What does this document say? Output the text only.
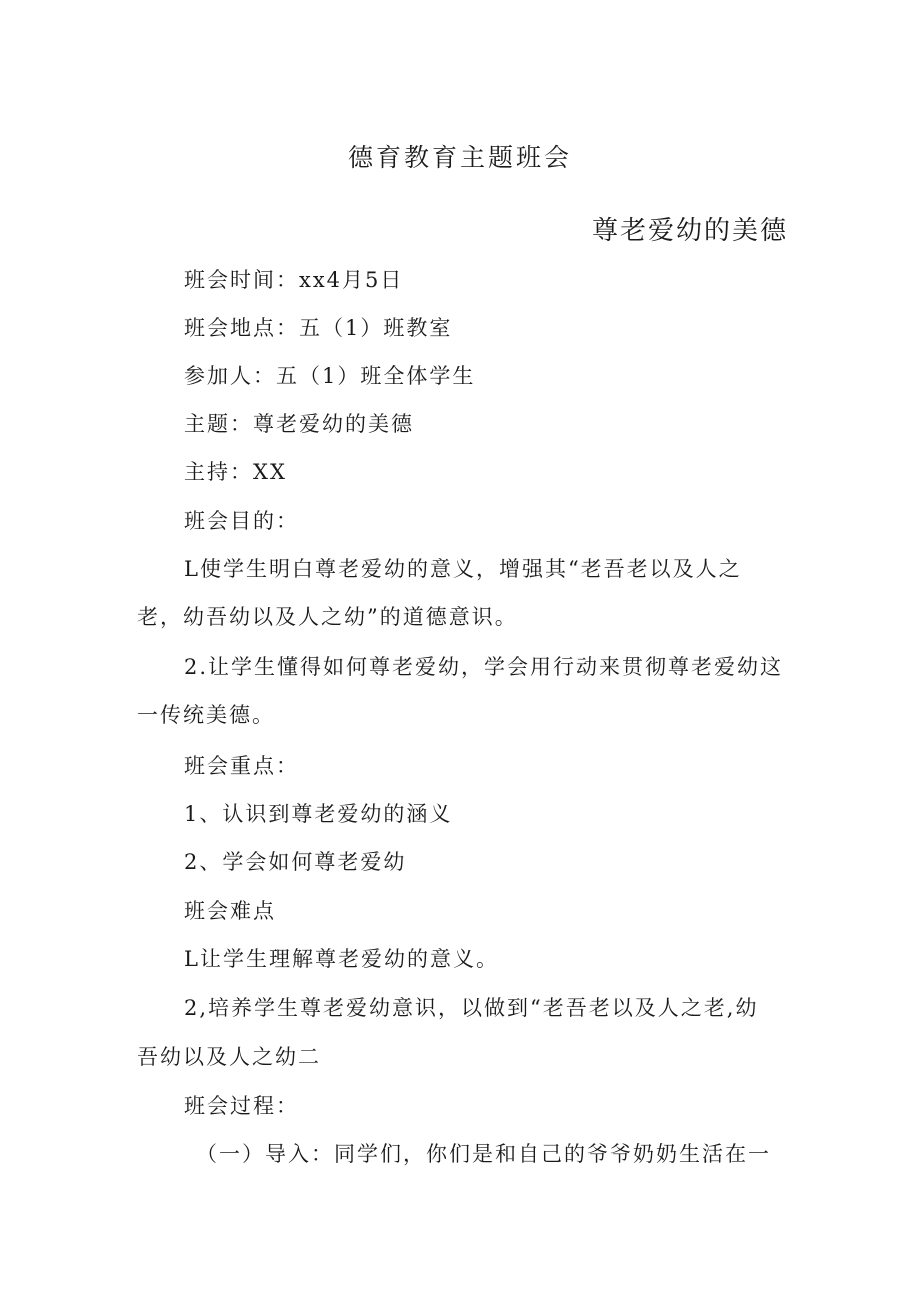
德育教育主题班会
尊老爱幼的美德
班会时间：xx4月5日
班会地点：五（1）班教室
参加人：五（1）班全体学生
主题：尊老爱幼的美德
主持：XX
班会目的：
L使学生明白尊老爱幼的意义，增强其“老吾老以及人之
老，幼吾幼以及人之幼”的道德意识。
2.让学生懂得如何尊老爱幼，学会用行动来贯彻尊老爱幼这
一传统美德。
班会重点：
1、认识到尊老爱幼的涵义
2、学会如何尊老爱幼
班会难点
L让学生理解尊老爱幼的意义。
2,培养学生尊老爱幼意识，以做到“老吾老以及人之老,幼
吾幼以及人之幼二
班会过程：
（一）导入：同学们，你们是和自己的爷爷奶奶生活在一
